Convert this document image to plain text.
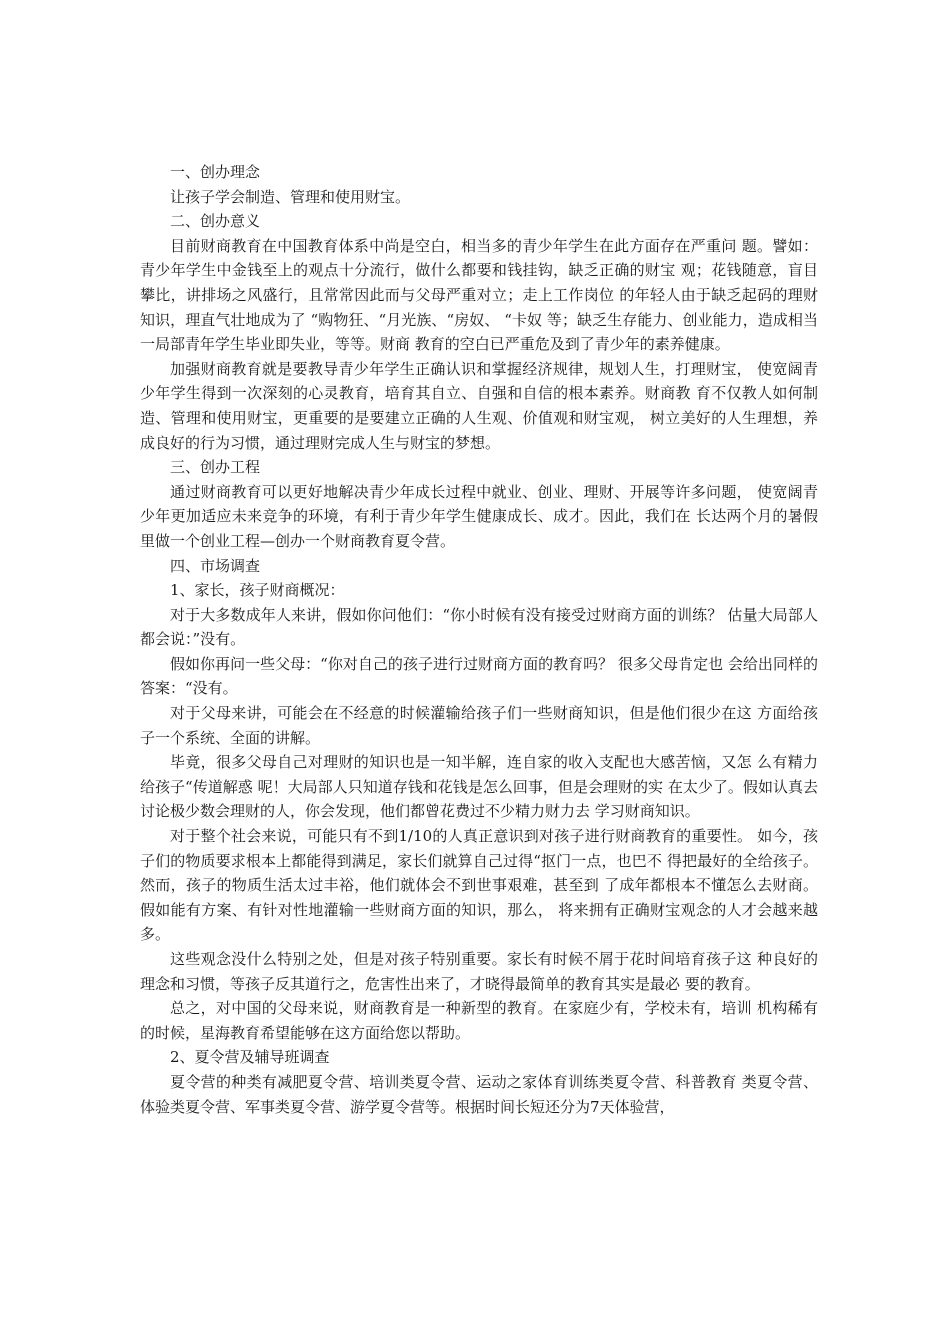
一、创办理念

让孩子学会制造、管理和使用财宝。

二、创办意义

目前财商教育在中国教育体系中尚是空白，相当多的青少年学生在此方面存在严重问 题。譬如：青少年学生中金钱至上的观点十分流行，做什么都要和钱挂钩，缺乏正确的财宝 观；花钱随意，盲目攀比，讲排场之风盛行，且常常因此而与父母严重对立；走上工作岗位 的年轻人由于缺乏起码的理财知识，理直气壮地成为了 “购物狂、“月光族、“房奴、 “卡奴 等；缺乏生存能力、创业能力，造成相当一局部青年学生毕业即失业，等等。财商 教育的空白已严重危及到了青少年的素养健康。

加强财商教育就是要教导青少年学生正确认识和掌握经济规律，规划人生，打理财宝， 使宽阔青少年学生得到一次深刻的心灵教育，培育其自立、自强和自信的根本素养。财商教 育不仅教人如何制造、管理和使用财宝，更重要的是要建立正确的人生观、价值观和财宝观， 树立美好的人生理想，养成良好的行为习惯，通过理财完成人生与财宝的梦想。

三、创办工程

通过财商教育可以更好地解决青少年成长过程中就业、创业、理财、开展等许多问题， 使宽阔青少年更加适应未来竞争的环境，有利于青少年学生健康成长、成才。因此，我们在 长达两个月的暑假里做一个创业工程—创办一个财商教育夏令营。

四、市场调查

1、家长，孩子财商概况：

对于大多数成年人来讲，假如你问他们：“你小时候有没有接受过财商方面的训练？ 估量大局部人都会说：”没有。

假如你再问一些父母：“你对自己的孩子进行过财商方面的教育吗？ 很多父母肯定也 会给出同样的答案：“没有。

对于父母来讲，可能会在不经意的时候灌输给孩子们一些财商知识，但是他们很少在这 方面给孩子一个系统、全面的讲解。

毕竟，很多父母自己对理财的知识也是一知半解，连自家的收入支配也大感苦恼，又怎 么有精力给孩子“传道解惑 呢！大局部人只知道存钱和花钱是怎么回事，但是会理财的实 在太少了。假如认真去讨论极少数会理财的人，你会发现，他们都曾花费过不少精力财力去 学习财商知识。

对于整个社会来说，可能只有不到1/10的人真正意识到对孩子进行财商教育的重要性。 如今，孩子们的物质要求根本上都能得到满足，家长们就算自己过得“抠门一点，也巴不 得把最好的全给孩子。然而，孩子的物质生活太过丰裕，他们就体会不到世事艰难，甚至到 了成年都根本不懂怎么去财商。假如能有方案、有针对性地灌输一些财商方面的知识，那么， 将来拥有正确财宝观念的人才会越来越多。

这些观念没什么特别之处，但是对孩子特别重要。家长有时候不屑于花时间培育孩子这 种良好的理念和习惯，等孩子反其道行之，危害性出来了，才晓得最简单的教育其实是最必 要的教育。

总之，对中国的父母来说，财商教育是一种新型的教育。在家庭少有，学校未有，培训 机构稀有的时候，星海教育希望能够在这方面给您以帮助。

2、夏令营及辅导班调查

夏令营的种类有减肥夏令营、培训类夏令营、运动之家体育训练类夏令营、科普教育 类夏令营、体验类夏令营、军事类夏令营、游学夏令营等。根据时间长短还分为7天体验营，
